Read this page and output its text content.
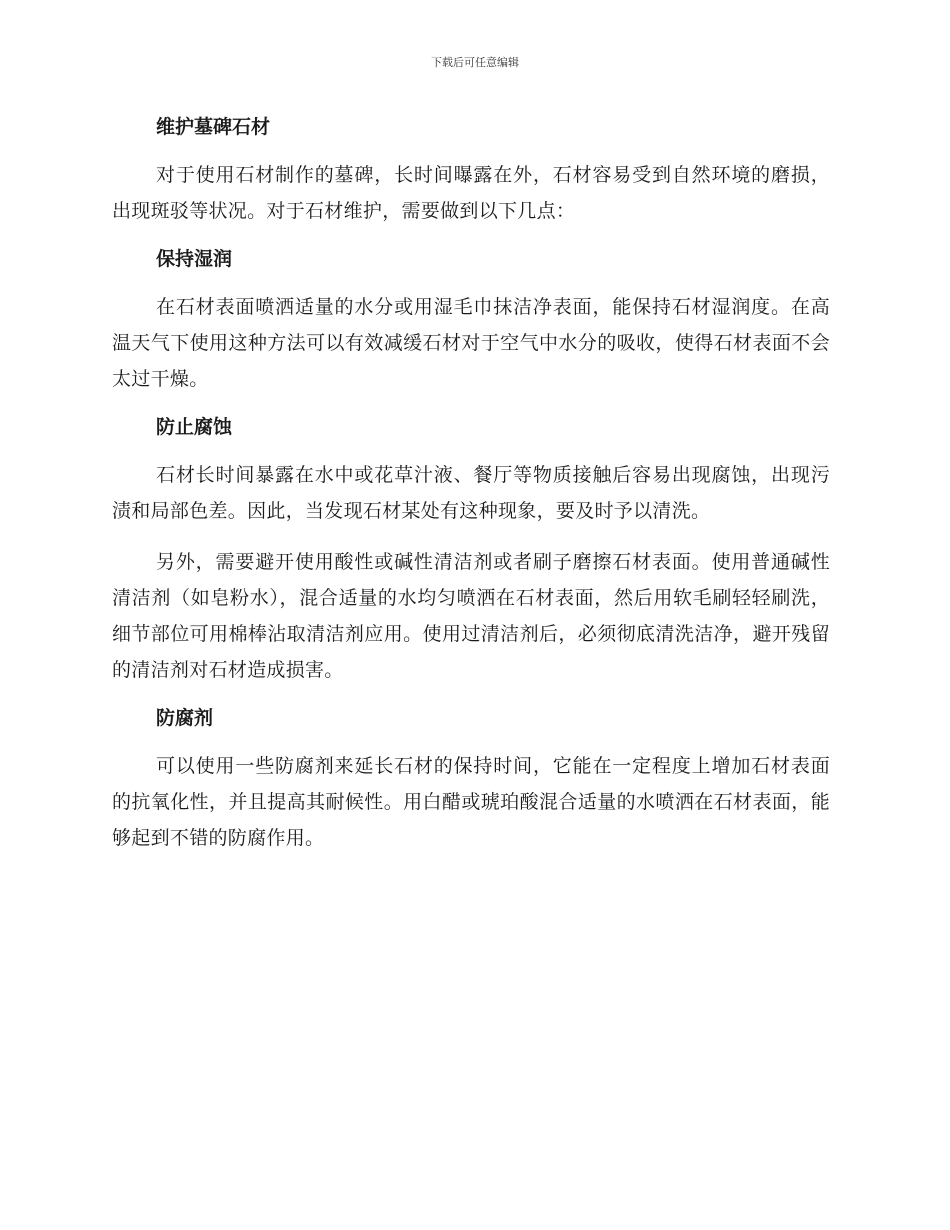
下载后可任意编辑
维护墓碑石材

对于使用石材制作的墓碑，长时间曝露在外，石材容易受到自然环境的磨损，出现斑驳等状况。对于石材维护，需要做到以下几点：

保持湿润

在石材表面喷洒适量的水分或用湿毛巾抹洁净表面，能保持石材湿润度。在高温天气下使用这种方法可以有效减缓石材对于空气中水分的吸收，使得石材表面不会太过干燥。

防止腐蚀

石材长时间暴露在水中或花草汁液、餐厅等物质接触后容易出现腐蚀，出现污渍和局部色差。因此，当发现石材某处有这种现象，要及时予以清洗。

另外，需要避开使用酸性或碱性清洁剂或者刷子磨擦石材表面。使用普通碱性清洁剂（如皂粉水），混合适量的水均匀喷洒在石材表面，然后用软毛刷轻轻刷洗，细节部位可用棉棒沾取清洁剂应用。使用过清洁剂后，必须彻底清洗洁净，避开残留的清洁剂对石材造成损害。

防腐剂

可以使用一些防腐剂来延长石材的保持时间，它能在一定程度上增加石材表面的抗氧化性，并且提高其耐候性。用白醋或琥珀酸混合适量的水喷洒在石材表面，能够起到不错的防腐作用。
